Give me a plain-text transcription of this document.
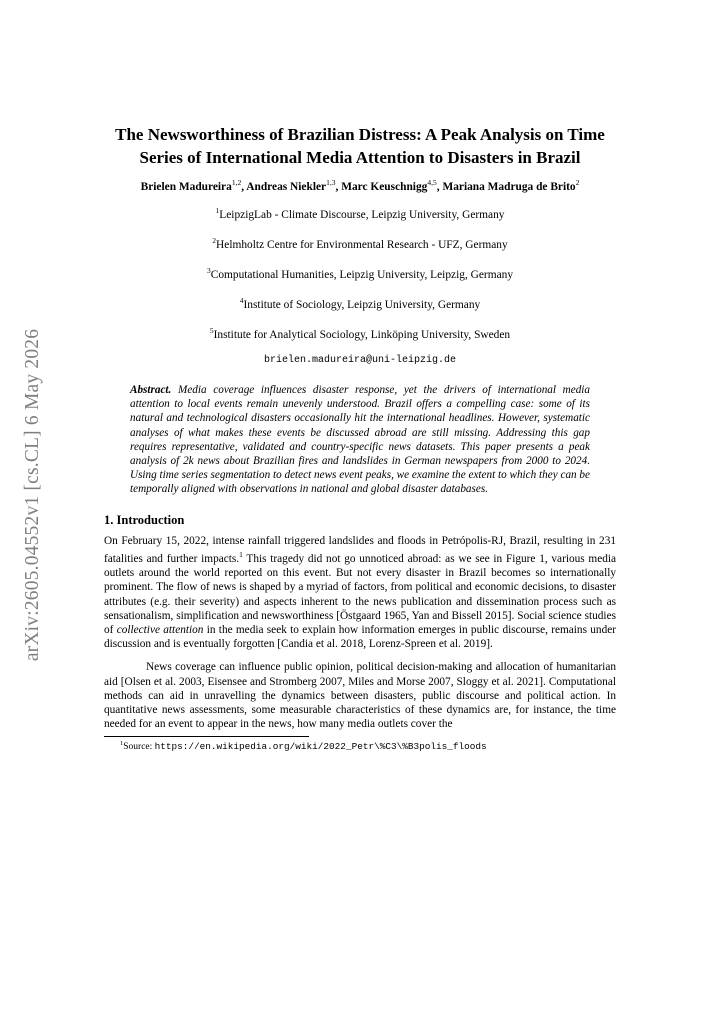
arXiv:2605.04552v1 [cs.CL] 6 May 2026
The Newsworthiness of Brazilian Distress: A Peak Analysis on Time Series of International Media Attention to Disasters in Brazil
Brielen Madureira$^{1,2}$, Andreas Niekler$^{1,3}$, Marc Keuschnigg$^{4,5}$, Mariana Madruga de Brito$^2$
$^1$LeipzigLab - Climate Discourse, Leipzig University, Germany
$^2$Helmholtz Centre for Environmental Research - UFZ, Germany
$^3$Computational Humanities, Leipzig University, Leipzig, Germany
$^4$Institute of Sociology, Leipzig University, Germany
$^5$Institute for Analytical Sociology, Linköping University, Sweden
brielen.madureira@uni-leipzig.de
Abstract. Media coverage influences disaster response, yet the drivers of international media attention to local events remain unevenly understood. Brazil offers a compelling case: some of its natural and technological disasters occasionally hit the international headlines. However, systematic analyses of what makes these events be discussed abroad are still missing. Addressing this gap requires representative, validated and country-specific news datasets. This paper presents a peak analysis of 2k news about Brazilian fires and landslides in German newspapers from 2000 to 2024. Using time series segmentation to detect news event peaks, we examine the extent to which they can be temporally aligned with observations in national and global disaster databases.
1. Introduction
On February 15, 2022, intense rainfall triggered landslides and floods in Petrópolis-RJ, Brazil, resulting in 231 fatalities and further impacts.$^1$ This tragedy did not go unnoticed abroad: as we see in Figure 1, various media outlets around the world reported on this event. But not every disaster in Brazil becomes so internationally prominent. The flow of news is shaped by a myriad of factors, from political and economic decisions, to disaster attributes (e.g. their severity) and aspects inherent to the news publication and dissemination process such as sensationalism, simplification and newsworthiness [Östgaard 1965, Yan and Bissell 2015]. Social science studies of collective attention in the media seek to explain how information emerges in public discourse, remains under discussion and is eventually forgotten [Candia et al. 2018, Lorenz-Spreen et al. 2019].
News coverage can influence public opinion, political decision-making and allocation of humanitarian aid [Olsen et al. 2003, Eisensee and Stromberg 2007, Miles and Morse 2007, Sloggy et al. 2021]. Computational methods can aid in unravelling the dynamics between disasters, public discourse and political action. In quantitative news assessments, some measurable characteristics of these dynamics are, for instance, the time needed for an event to appear in the news, how many media outlets cover the
$^1$Source: https://en.wikipedia.org/wiki/2022_Petr\%C3\%B3polis_floods
